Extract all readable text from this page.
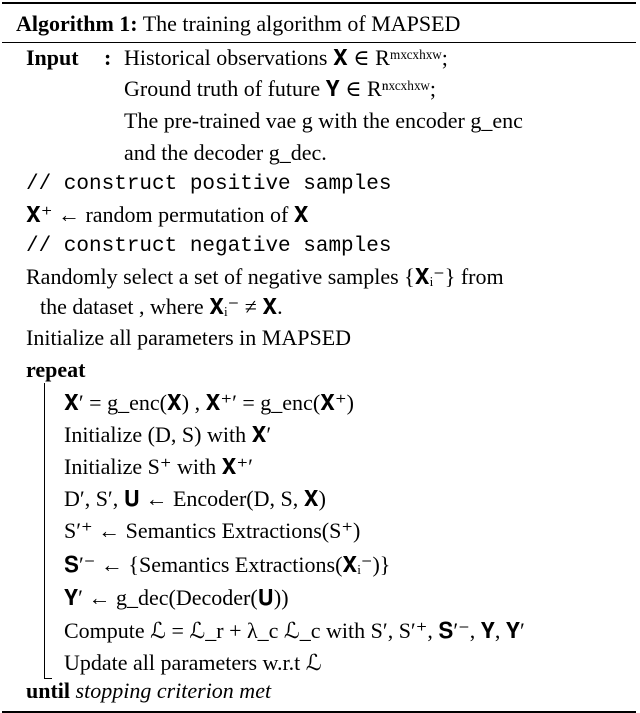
Algorithm 1: The training algorithm of MAPSED
Input : Historical observations 𝐗 ∈ Rᵐˣᶜˣʰˣʷ;
Ground truth of future 𝐘 ∈ Rⁿˣᶜˣʰˣʷ;
The pre-trained vae g with the encoder g_enc
and the decoder g_dec.
// construct positive samples
𝐗⁺ ← random permutation of 𝐗
// construct negative samples
Randomly select a set of negative samples {𝐗ᵢ⁻} from
the dataset , where 𝐗ᵢ⁻ ≠ 𝐗.
Initialize all parameters in MAPSED
repeat
𝐗′ = g_enc(𝐗) , 𝐗⁺′ = g_enc(𝐗⁺)
Initialize (D, S) with 𝐗′
Initialize S⁺ with 𝐗⁺′
D′, S′, 𝐔 ← Encoder(D, S, 𝐗)
S′⁺ ← Semantics Extractions(S⁺)
𝐒′⁻ ← {Semantics Extractions(𝐗ᵢ⁻)}
𝐘′ ← g_dec(Decoder(𝐔))
Compute ℒ = ℒ_r + λ_c ℒ_c with S′, S′⁺, 𝐒′⁻, 𝐘, 𝐘′
Update all parameters w.r.t ℒ
until stopping criterion met
